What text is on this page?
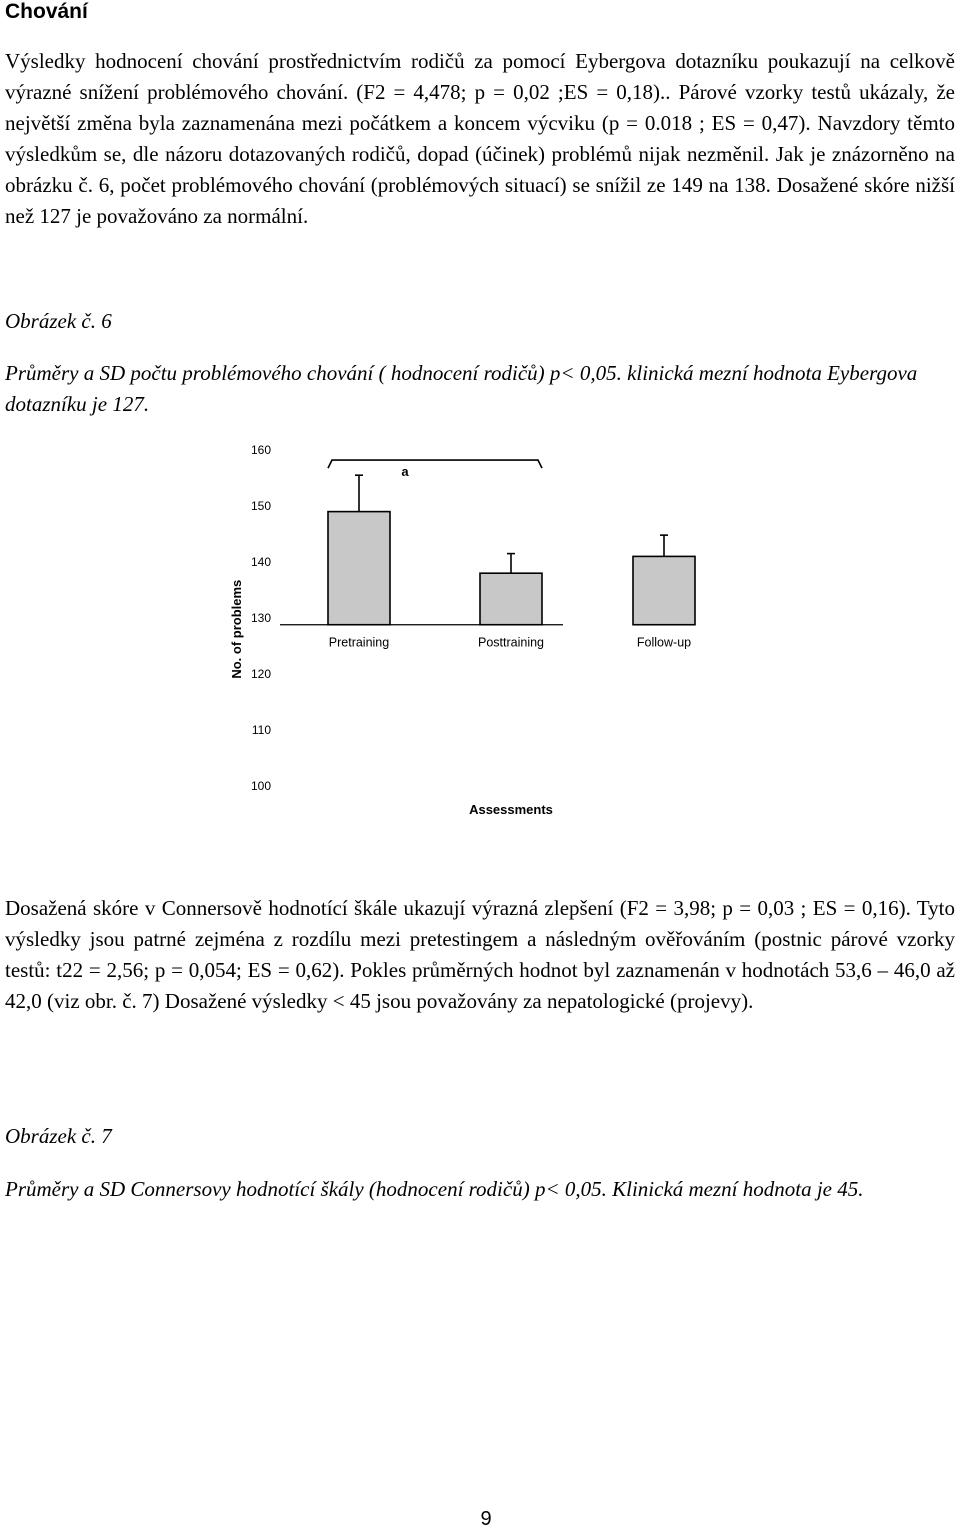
Chování
Výsledky hodnocení chování prostřednictvím rodičů za pomocí Eybergova dotazníku poukazují na celkově výrazné snížení problémového chování. (F2 = 4,478; p = 0,02 ;ES = 0,18).. Párové vzorky testů ukázaly, že největší změna byla zaznamenána mezi počátkem a koncem výcviku (p = 0.018 ; ES = 0,47). Navzdory těmto výsledkům se, dle názoru dotazovaných rodičů, dopad (účinek) problémů nijak nezměnil. Jak je znázorněno na obrázku č. 6, počet problémového chování (problémových situací) se snížil ze 149 na 138. Dosažené skóre nižší než 127 je považováno za normální.
Obrázek č. 6
Průměry a SD počtu problémového chování ( hodnocení rodičů) p< 0,05. klinická mezní hodnota Eybergova dotazníku je 127.
100
110
120
130
140
150
160
Pretraining	Posttraining	Follow-up
a
No. of problems
Assessments
Dosažená skóre v Connersově hodnotící škále ukazují výrazná zlepšení (F2 = 3,98; p = 0,03 ; ES = 0,16). Tyto výsledky jsou patrné zejména z rozdílu mezi pretestingem a následným ověřováním (postnic párové vzorky testů: t22 = 2,56; p = 0,054; ES = 0,62). Pokles průměrných hodnot byl zaznamenán v hodnotách 53,6 – 46,0 až 42,0 (viz obr. č. 7) Dosažené výsledky < 45 jsou považovány za nepatologické (projevy).
Obrázek č. 7
Průměry a SD Connersovy hodnotící škály (hodnocení rodičů) p< 0,05. Klinická mezní hodnota je 45.
9
